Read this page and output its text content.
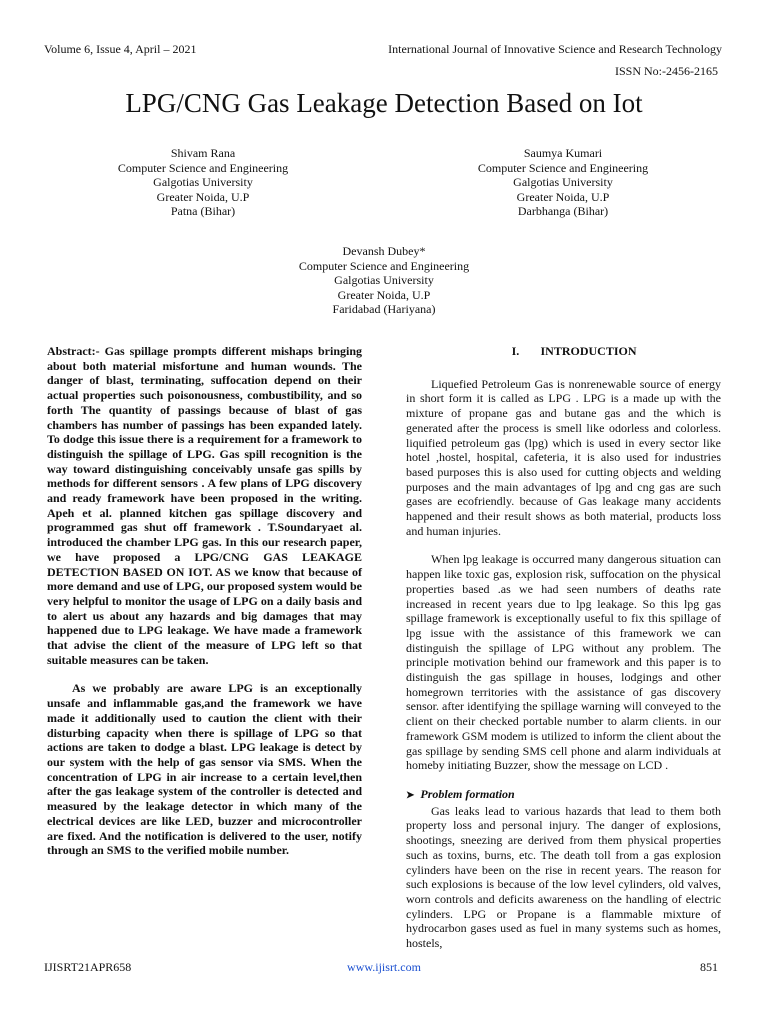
Volume 6, Issue 4, April – 2021	International Journal of Innovative Science and Research Technology
ISSN No:-2456-2165
LPG/CNG Gas Leakage Detection Based on Iot
Shivam Rana
Computer Science and Engineering
Galgotias University
Greater Noida, U.P
Patna (Bihar)
Saumya Kumari
Computer Science and Engineering
Galgotias University
Greater Noida, U.P
Darbhanga (Bihar)
Devansh Dubey*
Computer Science and Engineering
Galgotias University
Greater Noida, U.P
Faridabad (Hariyana)

Abstract:- Gas spillage prompts different mishaps bringing about both material misfortune and human wounds. The danger of blast, terminating, suffocation depend on their actual properties such poisonousness, combustibility, and so forth The quantity of passings because of blast of gas chambers has number of passings has been expanded lately. To dodge this issue there is a requirement for a framework to distinguish the spillage of LPG. Gas spill recognition is the way toward distinguishing conceivably unsafe gas spills by methods for different sensors . A few plans of LPG discovery and ready framework have been proposed in the writing. Apeh et al. planned kitchen gas spillage discovery and programmed gas shut off framework . T.Soundaryaet al. introduced the chamber LPG gas. In this our research paper, we have proposed a LPG/CNG GAS LEAKAGE DETECTION BASED ON IOT. AS we know that because of more demand and use of LPG, our proposed system would be very helpful to monitor the usage of LPG on a daily basis and to alert us about any hazards and big damages that may happened due to LPG leakage. We have made a framework that advise the client of the measure of LPG left so that suitable measures can be taken.

As we probably are aware LPG is an exceptionally unsafe and inflammable gas,and the framework we have made it additionally used to caution the client with their disturbing capacity when there is spillage of LPG so that actions are taken to dodge a blast. LPG leakage is detect by our system with the help of gas sensor via SMS. When the concentration of LPG in air increase to a certain level,then after the gas leakage system of the controller is detected and measured by the leakage detector in which many of the electrical devices are like LED, buzzer and microcontroller are fixed. And the notification is delivered to the user, notify through an SMS to the verified mobile number.

I. INTRODUCTION

Liquefied Petroleum Gas is nonrenewable source of energy in short form it is called as LPG . LPG is a made up with the mixture of propane gas and butane gas and the which is generated after the process is smell like odorless and colorless. liquified petroleum gas (lpg) which is used in every sector like hotel ,hostel, hospital, cafeteria, it is also used for industries based purposes this is also used for cutting objects and welding purposes and the main advantages of lpg and cng gas are such gases are ecofriendly. because of Gas leakage many accidents happened and their result shows as both material, products loss and human injuries.

When lpg leakage is occurred many dangerous situation can happen like toxic gas, explosion risk, suffocation on the physical properties based .as we had seen numbers of deaths rate increased in recent years due to lpg leakage. So this lpg gas spillage framework is exceptionally useful to fix this spillage of lpg issue with the assistance of this framework we can distinguish the spillage of LPG without any problem. The principle motivation behind our framework and this paper is to distinguish the gas spillage in houses, lodgings and other homegrown territories with the assistance of gas discovery sensor. after identifying the spillage warning will conveyed to the client on their checked portable number to alarm clients. in our framework GSM modem is utilized to inform the client about the gas spillage by sending SMS cell phone and alarm individuals at homeby initiating Buzzer, show the message on LCD .

➤ Problem formation

Gas leaks lead to various hazards that lead to them both property loss and personal injury. The danger of explosions, shootings, sneezing are derived from them physical properties such as toxins, burns, etc. The death toll from a gas explosion cylinders have been on the rise in recent years. The reason for such explosions is because of the low level cylinders, old valves, worn controls and deficits awareness on the handling of electric cylinders. LPG or Propane is a flammable mixture of hydrocarbon gases used as fuel in many systems such as homes, hostels,

IJISRT21APR658	www.ijisrt.com	851
